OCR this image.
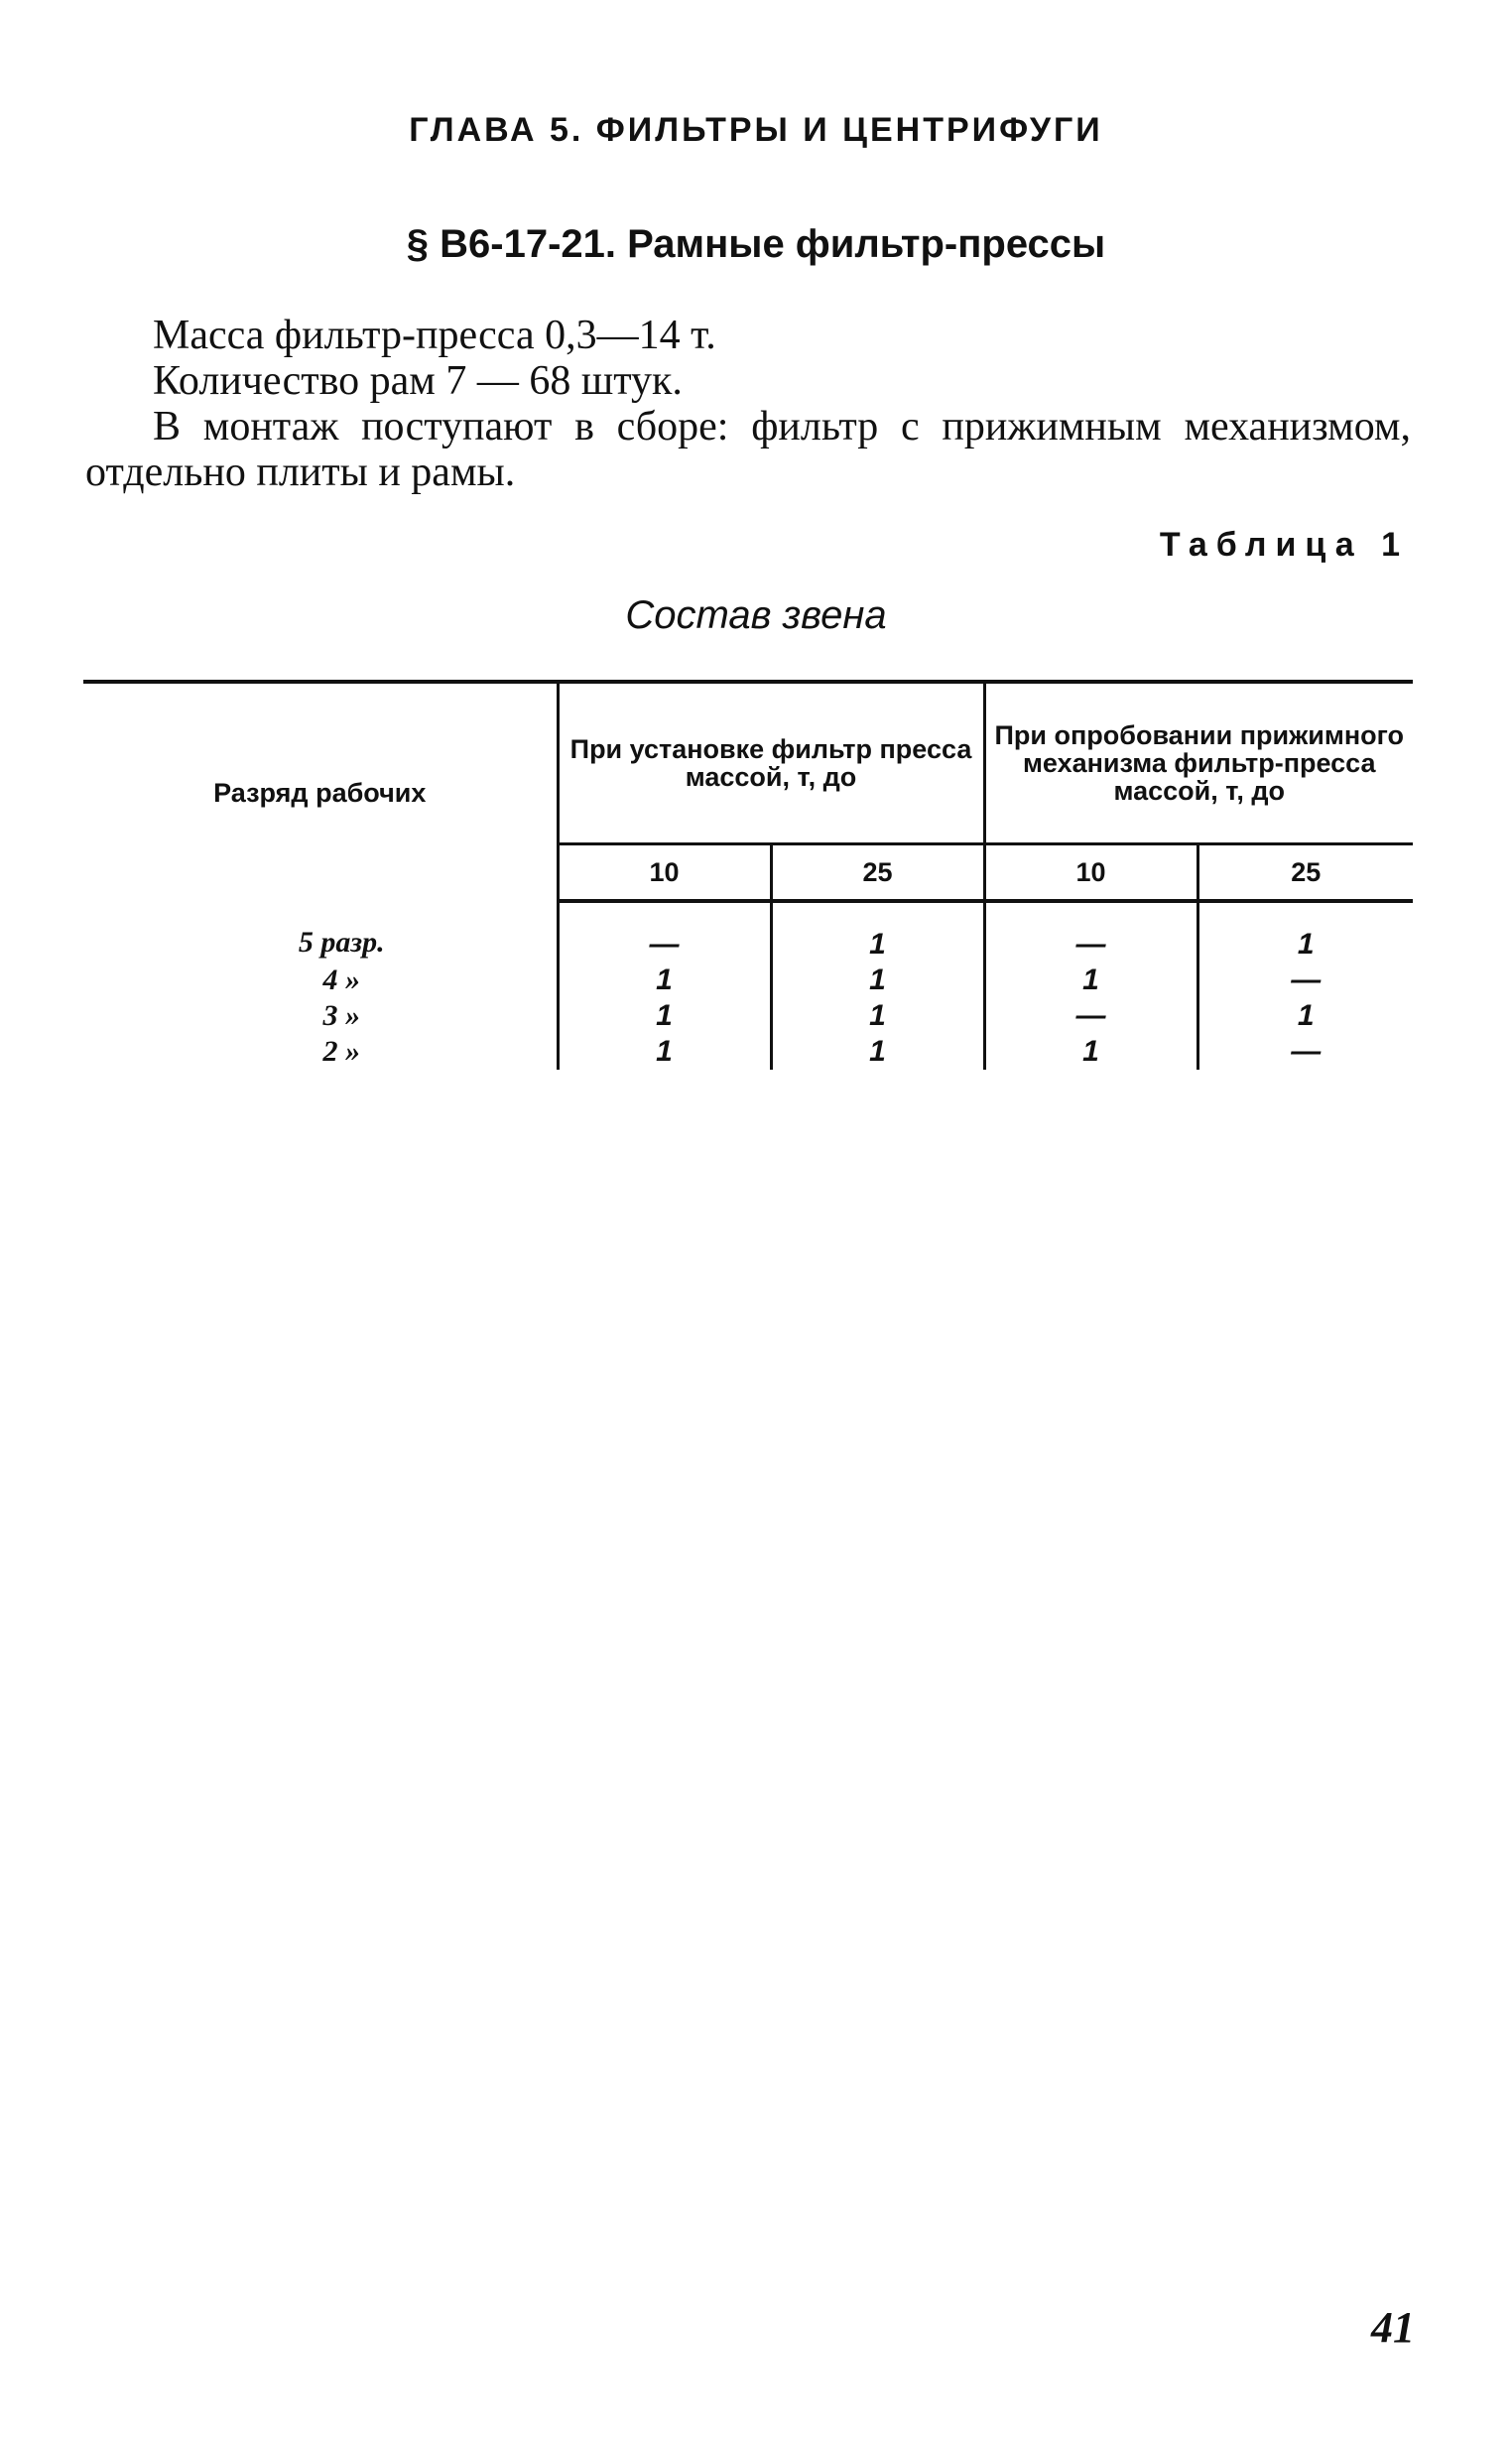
ГЛАВА 5. ФИЛЬТРЫ И ЦЕНТРИФУГИ
§ В6-17-21. Рамные фильтр-прессы

Масса фильтр-пресса 0,3—14 т.

Количество рам 7 — 68 штук.

В монтаж поступают в сборе: фильтр с прижимным механизмом, отдельно плиты и рамы.

Таблица 1
Состав звена
Разряд рабочих	При установке фильтр пресса массой, т, до		При опробовании прижимного механизма фильтр-пресса массой, т, до	
	10	25	10	25
5 разр.	—	1	—	1
4 »	1	1	1	—
3 »	1	1	—	1
2 »	1	1	1	—
41
